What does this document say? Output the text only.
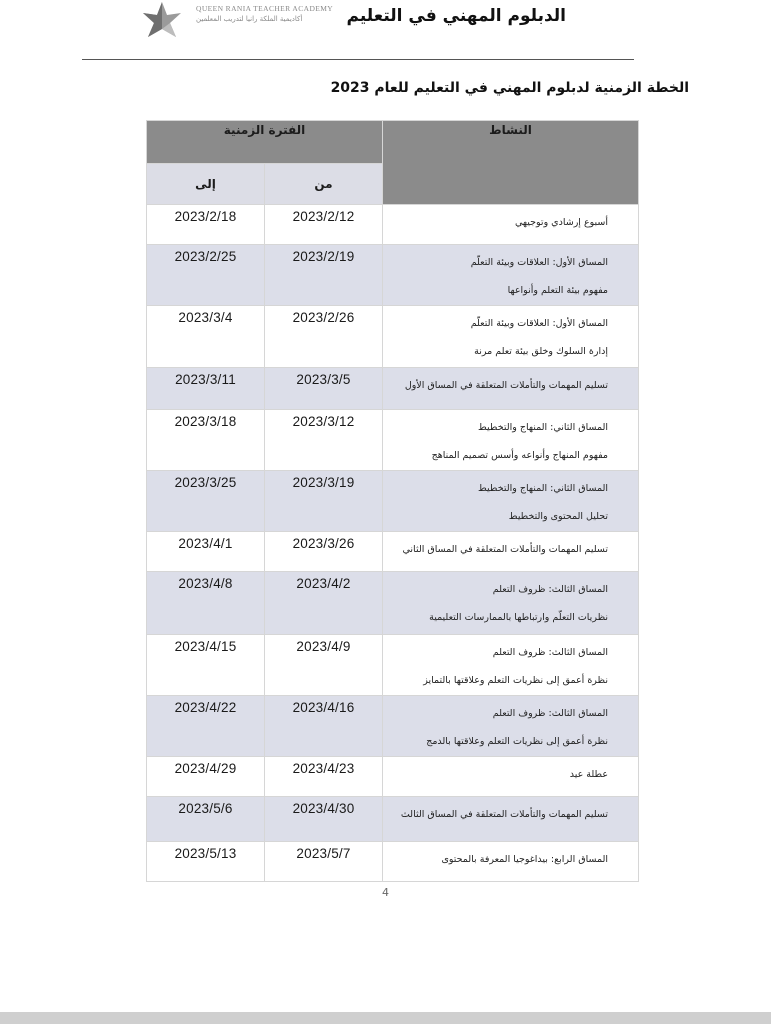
QUEEN RANIA TEACHER ACADEMY
أكاديمية الملكة رانيا لتدريب المعلمين	الدبلوم المهني في التعليم
الخطة الزمنية لدبلوم المهني في التعليم للعام 2023
الفترة الزمنية		النشاط
إلى	من	
2023/2/18	2023/2/12	أسبوع إرشادي وتوجيهي

2023/2/25	2023/2/19	المساق الأول: العلاقات وبيئة التعلّم
مفهوم بيئة التعلم وأنواعها

2023/3/4	2023/2/26	المساق الأول: العلاقات وبيئة التعلّم
إدارة السلوك وخلق بيئة تعلم مرنة

2023/3/11	2023/3/5	تسليم المهمات والتأملات المتعلقة في المساق الأول

2023/3/18	2023/3/12	المساق الثاني: المنهاج والتخطيط
مفهوم المنهاج وأنواعه وأسس تصميم المناهج

2023/3/25	2023/3/19	المساق الثاني: المنهاج والتخطيط
تحليل المحتوى والتخطيط

2023/4/1	2023/3/26	تسليم المهمات والتأملات المتعلقة في المساق الثاني

2023/4/8	2023/4/2	المساق الثالث: ظروف التعلم
نظريات التعلّم وارتباطها بالممارسات التعليمية

2023/4/15	2023/4/9	المساق الثالث: ظروف التعلم
نظرة أعمق إلى نظريات التعلم وعلاقتها بالتمايز

2023/4/22	2023/4/16	المساق الثالث: ظروف التعلم
نظرة أعمق إلى نظريات التعلم وعلاقتها بالدمج

2023/4/29	2023/4/23	عطلة عيد

2023/5/6	2023/4/30	تسليم المهمات والتأملات المتعلقة في المساق الثالث

2023/5/13	2023/5/7	المساق الرابع: بيداغوجيا المعرفة بالمحتوى
4
